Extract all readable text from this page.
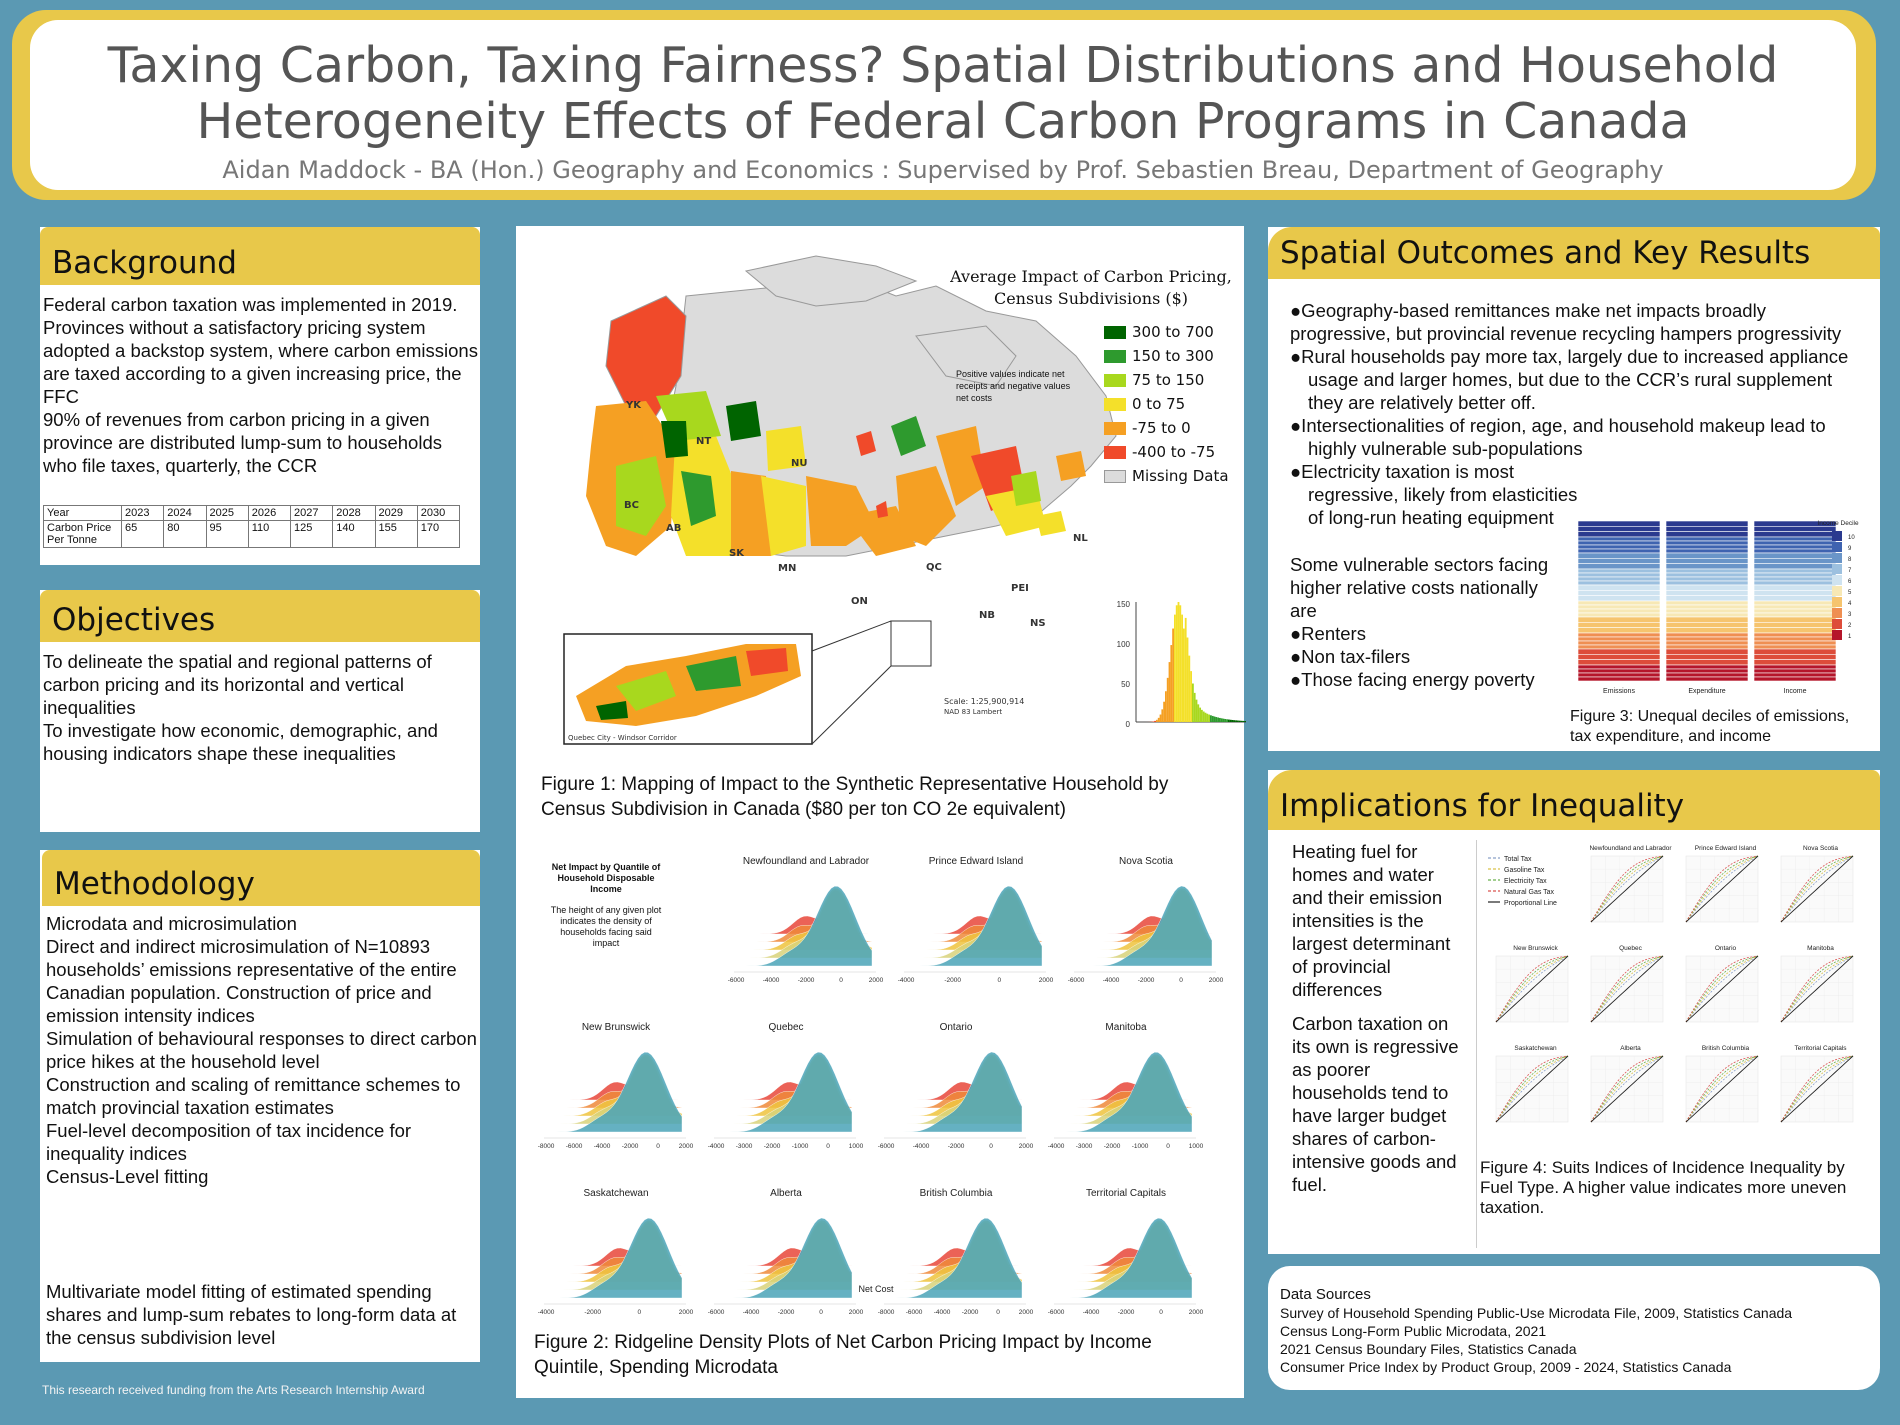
Taxing Carbon, Taxing Fairness? Spatial Distributions and Household Heterogeneity Effects of Federal Carbon Programs in Canada
Aidan Maddock - BA (Hon.) Geography and Economics : Supervised by Prof. Sebastien Breau, Department of Geography
Background

Federal carbon taxation was implemented in 2019. Provinces without a satisfactory pricing system adopted a backstop system, where carbon emissions are taxed according to a given increasing price, the FFC

90% of revenues from carbon pricing in a given province are distributed lump-sum to households who file taxes, quarterly, the CCR

Year	2023	2024	2025	2026	2027	2028	2029	2030
Carbon Price Per Tonne	65	80	95	110	125	140	155	170
Objectives

To delineate the spatial and regional patterns of carbon pricing and its horizontal and vertical inequalities

To investigate how economic, demographic, and housing indicators shape these inequalities

Methodology

Microdata and microsimulation

Direct and indirect microsimulation of N=10893 households’ emissions representative of the entire Canadian population. Construction of price and emission intensity indices

Simulation of behavioural responses to direct carbon price hikes at the household level

Construction and scaling of remittance schemes to match provincial taxation estimates

Fuel-level decomposition of tax incidence for inequality indices

Census-Level fitting

Multivariate model fitting of estimated spending shares and lump-sum rebates to long-form data at the census subdivision level
This research received funding from the Arts Research Internship Award
YK
NT
NU
BC
AB
SK
MN
ON
QC
NL
PEI
NB
NS
Quebec City - Windsor Corridor
Scale: 1:25,900,914
NAD 83 Lambert
150
100
50
0
Average Impact of Carbon Pricing,
Census Subdivisions ($)
Positive values indicate net receipts and negative values net costs
300 to 700
150 to 300
75 to 150
0 to 75
-75 to 0
-400 to -75
Missing Data
Figure 1: Mapping of Impact to the Synthetic Representative Household by Census Subdivision in Canada ($80 per ton CO 2e equivalent)
Net Impact by Quantile of Household Disposable Income
The height of any given plot indicates the density of households facing said impact
Newfoundland and Labrador
-6000	-4000	-2000	0	2000
Prince Edward Island
-4000	-2000	0	2000
Nova Scotia
-6000	-4000	-2000	0	2000
New Brunswick
-8000 -6000 -4000 -2000	0	2000
Quebec
-4000 -3000 -2000 -1000	0	1000
Ontario
-6000	-4000	-2000	0	2000
Manitoba
-4000 -3000 -2000 -1000	0	1000
Saskatchewan
-4000	-2000	0	2000
Alberta
-6000	-4000	-2000	0	2000
British Columbia
-8000 -6000 -4000 -2000	0	2000
Territorial Capitals
-6000	-4000	-2000	0	2000
Net Cost
Figure 2: Ridgeline Density Plots of Net Carbon Pricing Impact by Income Quintile, Spending Microdata
Spatial Outcomes and Key Results

●Geography-based remittances make net impacts broadly progressive, but provincial revenue recycling hampers progressivity

●Rural households pay more tax, largely due to increased appliance usage and larger homes, but due to the CCR’s rural supplement they are relatively better off.

●Intersectionalities of region, age, and household makeup lead to highly vulnerable sub-populations

●Electricity taxation is most regressive, likely from elasticities of long-run heating equipment

Some vulnerable sectors facing higher relative costs nationally are

●Renters

●Non tax-filers

●Those facing energy poverty

Emissions	Expenditure	Income
Income Decile
10
9
8
7
6
5
4
3
2
1
Figure 3: Unequal deciles of emissions, tax expenditure, and income
Implications for Inequality
Heating fuel for homes and water and their emission intensities is the largest determinant of provincial differences
Carbon taxation on its own is regressive as poorer households tend to have larger budget shares of carbon-intensive goods and fuel.
Total Tax
Gasoline Tax
Electricity Tax
Natural Gas Tax
Proportional Line
Newfoundland and Labrador	Prince Edward Island	Nova Scotia
New Brunswick	Quebec	Ontario	Manitoba
Saskatchewan	Alberta	British Columbia	Territorial Capitals
Figure 4: Suits Indices of Incidence Inequality by Fuel Type. A higher value indicates more uneven taxation.
Data Sources
Survey of Household Spending Public-Use Microdata File, 2009, Statistics Canada
Census Long-Form Public Microdata, 2021
2021 Census Boundary Files, Statistics Canada
Consumer Price Index by Product Group, 2009 - 2024, Statistics Canada
